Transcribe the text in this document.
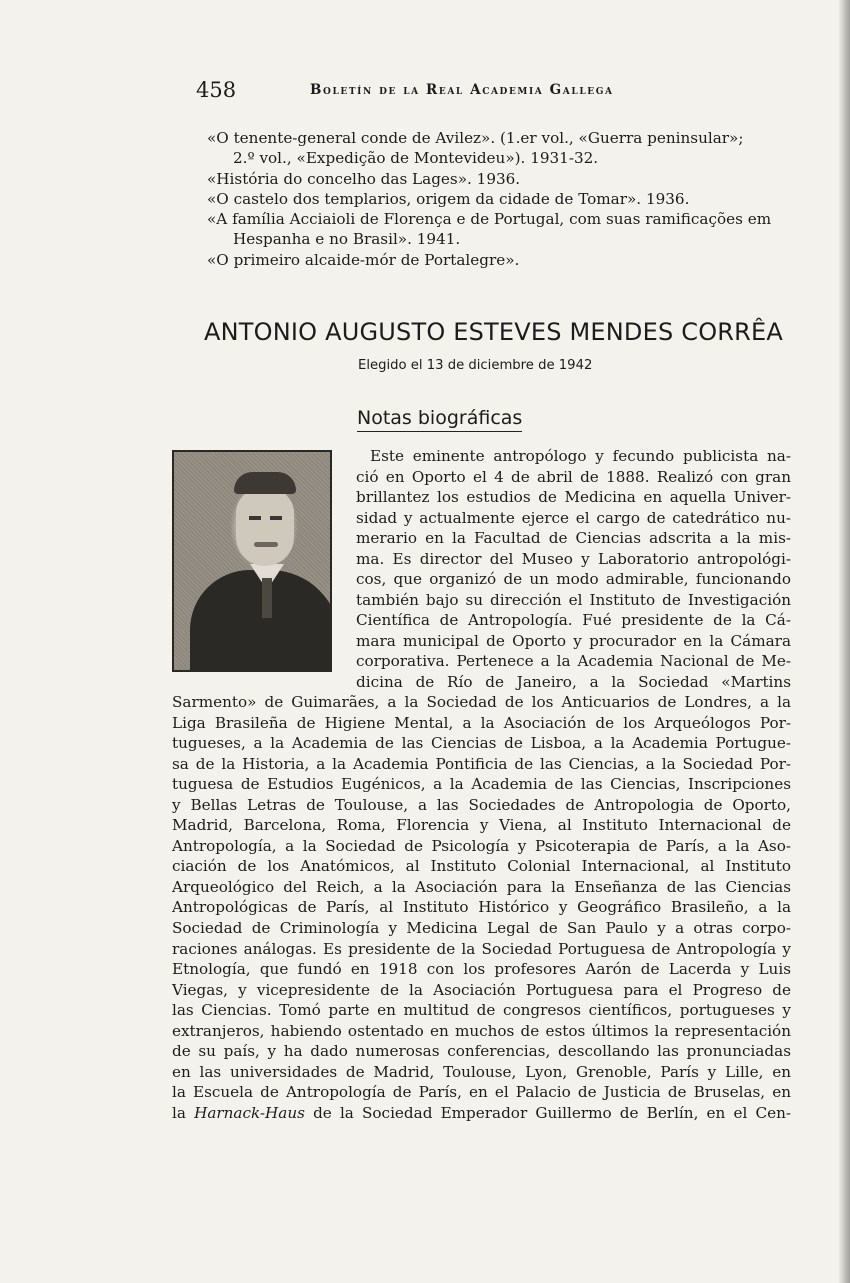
458	Boletín de la Real Academia Gallega

«O tenente-general conde de Avilez». (1.er vol., «Guerra peninsular»;
2.º vol., «Expedição de Montevideu»). 1931-32.

«História do concelho das Lages». 1936.

«O castelo dos templarios, origem da cidade de Tomar». 1936.

«A família Acciaioli de Florença e de Portugal, com suas ramificações em
Hespanha e no Brasil». 1941.

«O primeiro alcaide-mór de Portalegre».

ANTONIO AUGUSTO ESTEVES MENDES CORRÊA
Elegido el 13 de diciembre de 1942
Notas biográficas
Este eminente antropólogo y fecundo publicista na-
ció en Oporto el 4 de abril de 1888. Realizó con gran
brillantez los estudios de Medicina en aquella Univer-
sidad y actualmente ejerce el cargo de catedrático nu-
merario en la Facultad de Ciencias adscrita a la mis-
ma. Es director del Museo y Laboratorio antropológi-
cos, que organizó de un modo admirable, funcionando
también bajo su dirección el Instituto de Investigación
Científica de Antropología. Fué presidente de la Cá-
mara municipal de Oporto y procurador en la Cámara
corporativa. Pertenece a la Academia Nacional de Me-
dicina de Río de Janeiro, a la Sociedad «Martins
Sarmento» de Guimarães, a la Sociedad de los Anticuarios de Londres, a la
Liga Brasileña de Higiene Mental, a la Asociación de los Arqueólogos Por-
tugueses, a la Academia de las Ciencias de Lisboa, a la Academia Portugue-
sa de la Historia, a la Academia Pontificia de las Ciencias, a la Sociedad Por-
tuguesa de Estudios Eugénicos, a la Academia de las Ciencias, Inscripciones
y Bellas Letras de Toulouse, a las Sociedades de Antropologia de Oporto,
Madrid, Barcelona, Roma, Florencia y Viena, al Instituto Internacional de
Antropología, a la Sociedad de Psicología y Psicoterapia de París, a la Aso-
ciación de los Anatómicos, al Instituto Colonial Internacional, al Instituto
Arqueológico del Reich, a la Asociación para la Enseñanza de las Ciencias
Antropológicas de París, al Instituto Histórico y Geográfico Brasileño, a la
Sociedad de Criminología y Medicina Legal de San Paulo y a otras corpo-
raciones análogas. Es presidente de la Sociedad Portuguesa de Antropología y
Etnología, que fundó en 1918 con los profesores Aarón de Lacerda y Luis
Viegas, y vicepresidente de la Asociación Portuguesa para el Progreso de
las Ciencias. Tomó parte en multitud de congresos científicos, portugueses y
extranjeros, habiendo ostentado en muchos de estos últimos la representación
de su país, y ha dado numerosas conferencias, descollando las pronunciadas
en las universidades de Madrid, Toulouse, Lyon, Grenoble, París y Lille, en
la Escuela de Antropología de París, en el Palacio de Justicia de Bruselas, en
la Harnack-Haus de la Sociedad Emperador Guillermo de Berlín, en el Cen-
